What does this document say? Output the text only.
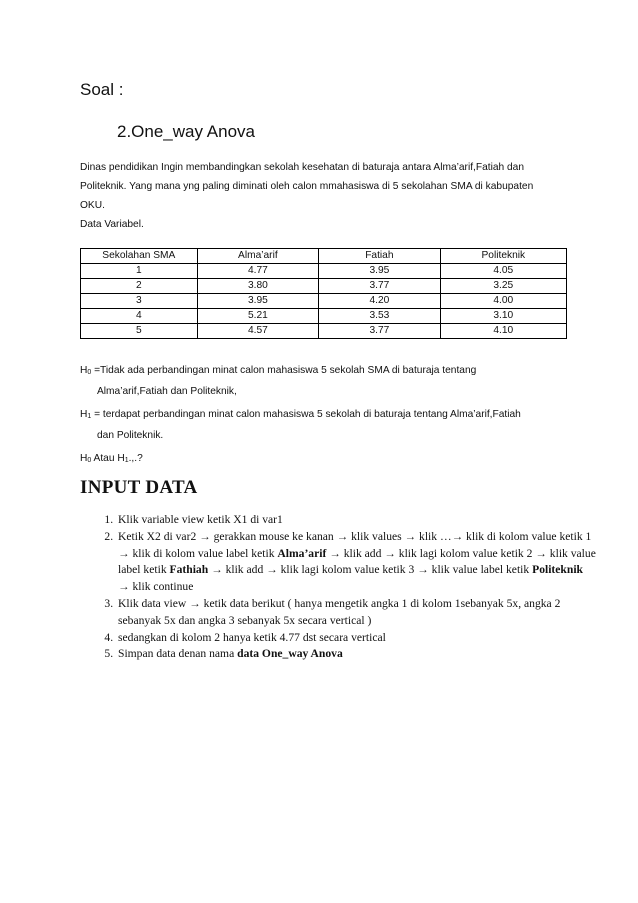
Soal :
2.One_way Anova

Dinas pendidikan Ingin membandingkan sekolah kesehatan di baturaja antara Alma’arif,Fatiah dan

Politeknik. Yang mana yng paling diminati oleh calon mmahasiswa di 5 sekolahan SMA di kabupaten

OKU.

Data Variabel.
Sekolahan SMA	Alma’arif	Fatiah	Politeknik
1	4.77	3.95	4.05
2	3.80	3.77	3.25
3	3.95	4.20	4.00
4	5.21	3.53	3.10
5	4.57	3.77	4.10
$H_0$ =Tidak ada perbandingan minat calon mahasiswa 5 sekolah SMA di baturaja tentang
Alma’arif,Fatiah dan Politeknik,
$H_1$ = terdapat perbandingan minat calon mahasiswa 5 sekolah di baturaja tentang Alma’arif,Fatiah
dan Politeknik.
$H_0$ Atau $H_1$.,.?
INPUT DATA
1. Klik variable view ketik X1 di var1
2. Ketik X2 di var2 → gerakkan mouse ke kanan → klik values → klik …→ klik di kolom value ketik 1 → klik di kolom value label ketik Alma’arif → klik add → klik lagi kolom value ketik 2 → klik value label ketik Fathiah → klik add → klik lagi kolom value ketik 3 → klik value label ketik Politeknik → klik continue
3. Klik data view → ketik data berikut ( hanya mengetik angka 1 di kolom 1sebanyak 5x, angka 2 sebanyak 5x dan angka 3 sebanyak 5x secara vertical )
4. sedangkan di kolom 2 hanya ketik 4.77 dst secara vertical
5. Simpan data denan nama data One_way Anova
